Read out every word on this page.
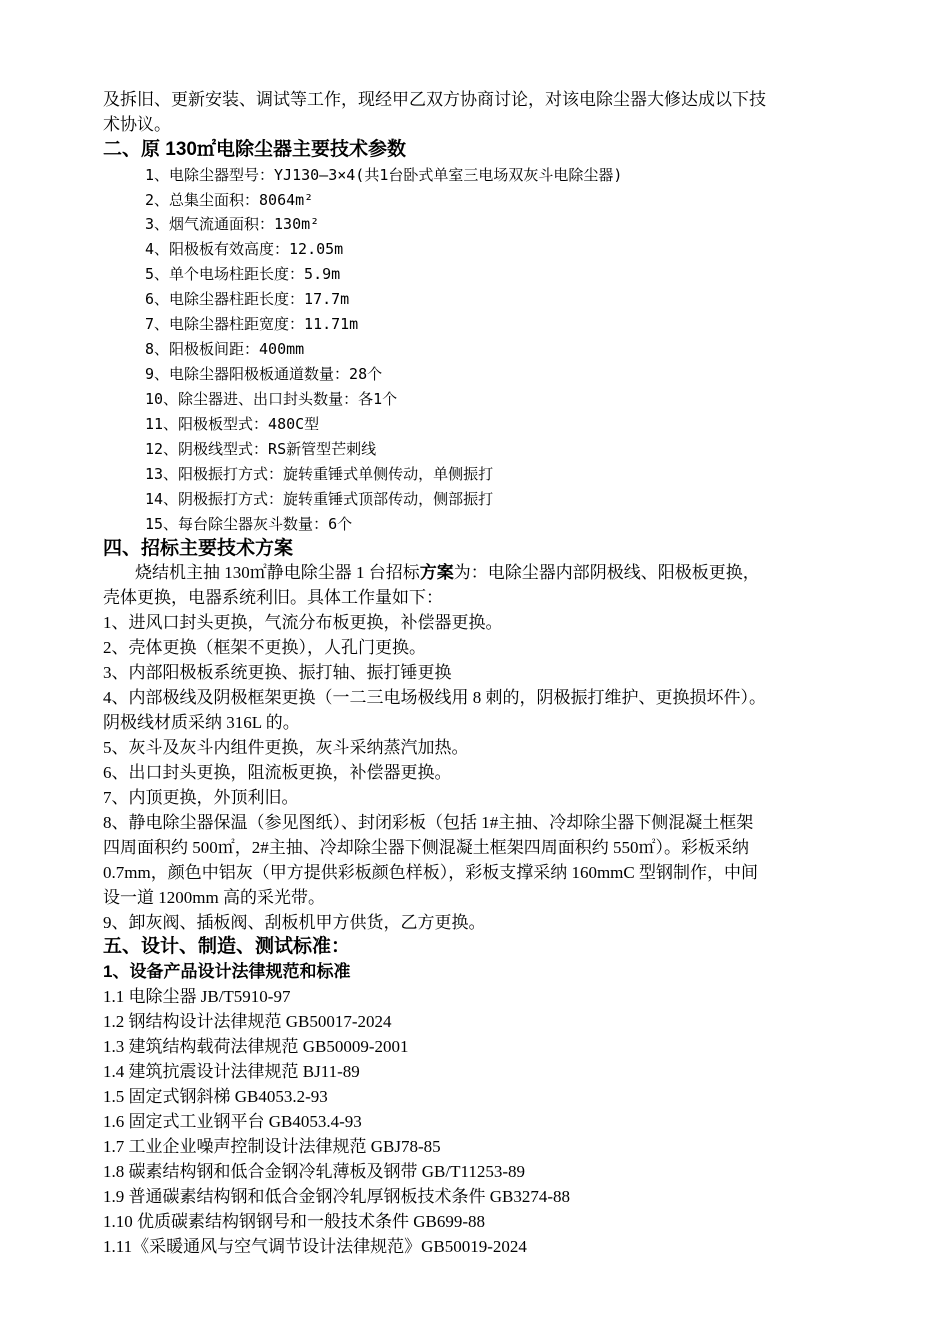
及拆旧、更新安装、调试等工作，现经甲乙双方协商讨论，对该电除尘器大修达成以下技
术协议。
二、原 130㎡电除尘器主要技术参数
1、电除尘器型号：YJ130—3×4(共1台卧式单室三电场双灰斗电除尘器)
2、总集尘面积：8064m²
3、烟气流通面积：130m²
4、阳极板有效高度：12.05m
5、单个电场柱距长度：5.9m
6、电除尘器柱距长度：17.7m
7、电除尘器柱距宽度：11.71m
8、阳极板间距：400mm
9、电除尘器阳极板通道数量：28个
10、除尘器进、出口封头数量：各1个
11、阳极板型式：480C型
12、阴极线型式：RS新管型芒刺线
13、阳极振打方式：旋转重锤式单侧传动，单侧振打
14、阴极振打方式：旋转重锤式顶部传动，侧部振打
15、每台除尘器灰斗数量：6个
四、招标主要技术方案
烧结机主抽 130㎡静电除尘器 1 台招标方案为：电除尘器内部阴极线、阳极板更换，
壳体更换，电器系统利旧。具体工作量如下：
1、进风口封头更换，气流分布板更换，补偿器更换。
2、壳体更换（框架不更换），人孔门更换。
3、内部阳极板系统更换、振打轴、振打锤更换
4、内部极线及阴极框架更换（一二三电场极线用 8 刺的，阴极振打维护、更换损坏件）。
阴极线材质采纳 316L 的。
5、灰斗及灰斗内组件更换，灰斗采纳蒸汽加热。
6、出口封头更换，阻流板更换，补偿器更换。
7、内顶更换，外顶利旧。
8、静电除尘器保温（参见图纸）、封闭彩板（包括 1#主抽、冷却除尘器下侧混凝土框架
四周面积约 500㎡，2#主抽、冷却除尘器下侧混凝土框架四周面积约 550㎡）。彩板采纳
0.7mm，颜色中铝灰（甲方提供彩板颜色样板），彩板支撑采纳 160mmC 型钢制作，中间
设一道 1200mm 高的采光带。
9、卸灰阀、插板阀、刮板机甲方供货，乙方更换。
五、设计、制造、测试标准：
1、设备产品设计法律规范和标准
1.1 电除尘器 JB/T5910-97
1.2 钢结构设计法律规范 GB50017-2024
1.3 建筑结构载荷法律规范 GB50009-2001
1.4 建筑抗震设计法律规范 BJ11-89
1.5 固定式钢斜梯 GB4053.2-93
1.6 固定式工业钢平台 GB4053.4-93
1.7 工业企业噪声控制设计法律规范 GBJ78-85
1.8 碳素结构钢和低合金钢冷轧薄板及钢带 GB/T11253-89
1.9 普通碳素结构钢和低合金钢冷轧厚钢板技术条件 GB3274-88
1.10 优质碳素结构钢钢号和一般技术条件 GB699-88
1.11《采暖通风与空气调节设计法律规范》GB50019-2024
